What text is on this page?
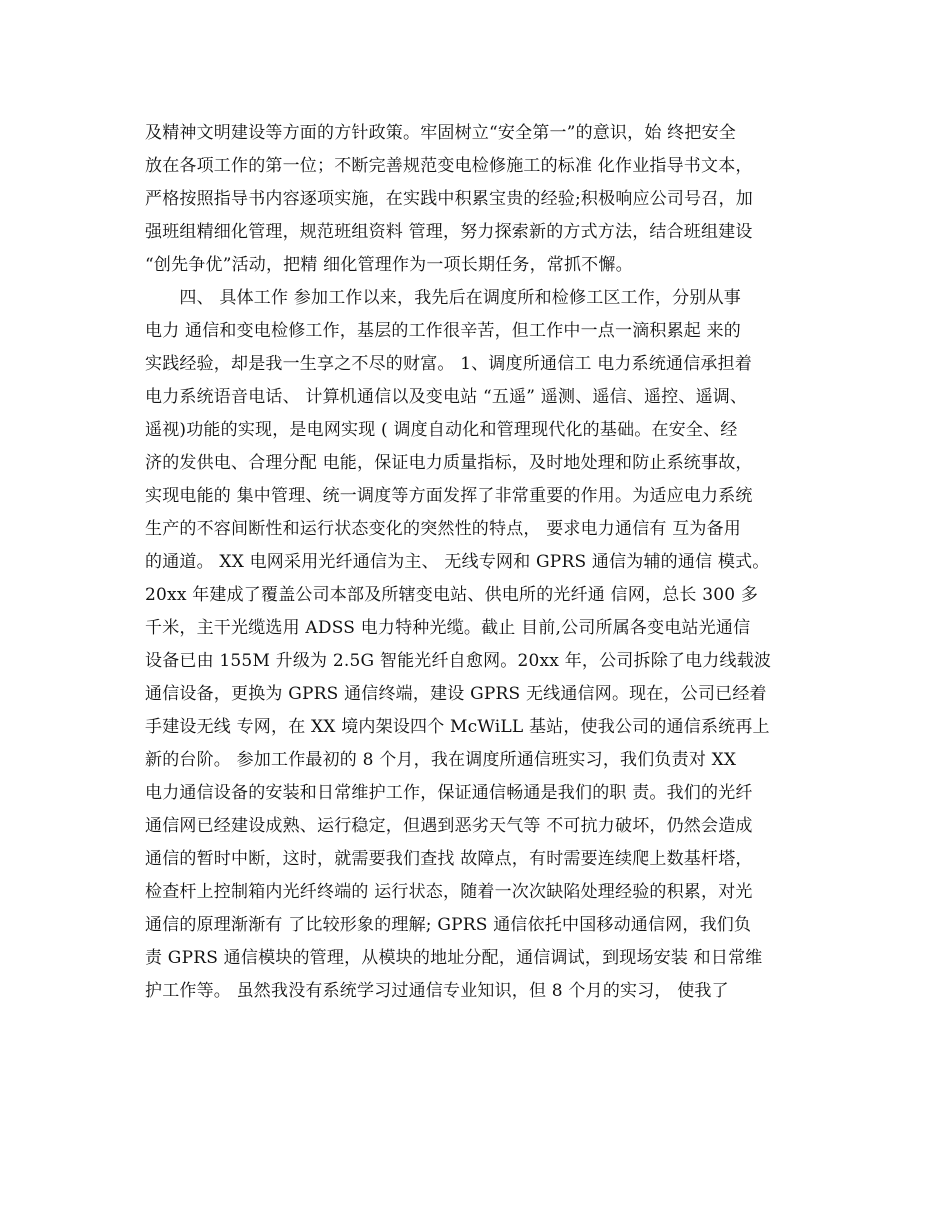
及精神文明建设等方面的方针政策。牢固树立“安全第一”的意识，始 终把安全
放在各项工作的第一位；不断完善规范变电检修施工的标准 化作业指导书文本，
严格按照指导书内容逐项实施，在实践中积累宝贵的经验;积极响应公司号召，加
强班组精细化管理，规范班组资料 管理，努力探索新的方式方法，结合班组建设
“创先争优”活动，把精 细化管理作为一项长期任务，常抓不懈。
　　四、 具体工作 参加工作以来，我先后在调度所和检修工区工作，分别从事
电力 通信和变电检修工作，基层的工作很辛苦，但工作中一点一滴积累起 来的
实践经验，却是我一生享之不尽的财富。 1、调度所通信工 电力系统通信承担着
电力系统语音电话、 计算机通信以及变电站 “五遥” 遥测、遥信、遥控、遥调、
遥视)功能的实现，是电网实现 ( 调度自动化和管理现代化的基础。在安全、经
济的发供电、合理分配 电能，保证电力质量指标，及时地处理和防止系统事故，
实现电能的 集中管理、统一调度等方面发挥了非常重要的作用。为适应电力系统
生产的不容间断性和运行状态变化的突然性的特点， 要求电力通信有 互为备用
的通道。 XX 电网采用光纤通信为主、 无线专网和 GPRS 通信为辅的通信 模式。
20xx 年建成了覆盖公司本部及所辖变电站、供电所的光纤通 信网，总长 300 多
千米，主干光缆选用 ADSS 电力特种光缆。截止 目前,公司所属各变电站光通信
设备已由 155M 升级为 2.5G 智能光纤自愈网。20xx 年，公司拆除了电力线载波
通信设备，更换为 GPRS 通信终端，建设 GPRS 无线通信网。现在，公司已经着
手建设无线 专网，在 XX 境内架设四个 McWiLL 基站，使我公司的通信系统再上
新的台阶。 参加工作最初的 8 个月，我在调度所通信班实习，我们负责对 XX
电力通信设备的安装和日常维护工作，保证通信畅通是我们的职 责。我们的光纤
通信网已经建设成熟、运行稳定，但遇到恶劣天气等 不可抗力破坏，仍然会造成
通信的暂时中断，这时，就需要我们查找 故障点，有时需要连续爬上数基杆塔，
检查杆上控制箱内光纤终端的 运行状态，随着一次次缺陷处理经验的积累，对光
通信的原理渐渐有 了比较形象的理解; GPRS 通信依托中国移动通信网，我们负
责 GPRS 通信模块的管理，从模块的地址分配，通信调试，到现场安装 和日常维
护工作等。 虽然我没有系统学习过通信专业知识，但 8 个月的实习， 使我了
